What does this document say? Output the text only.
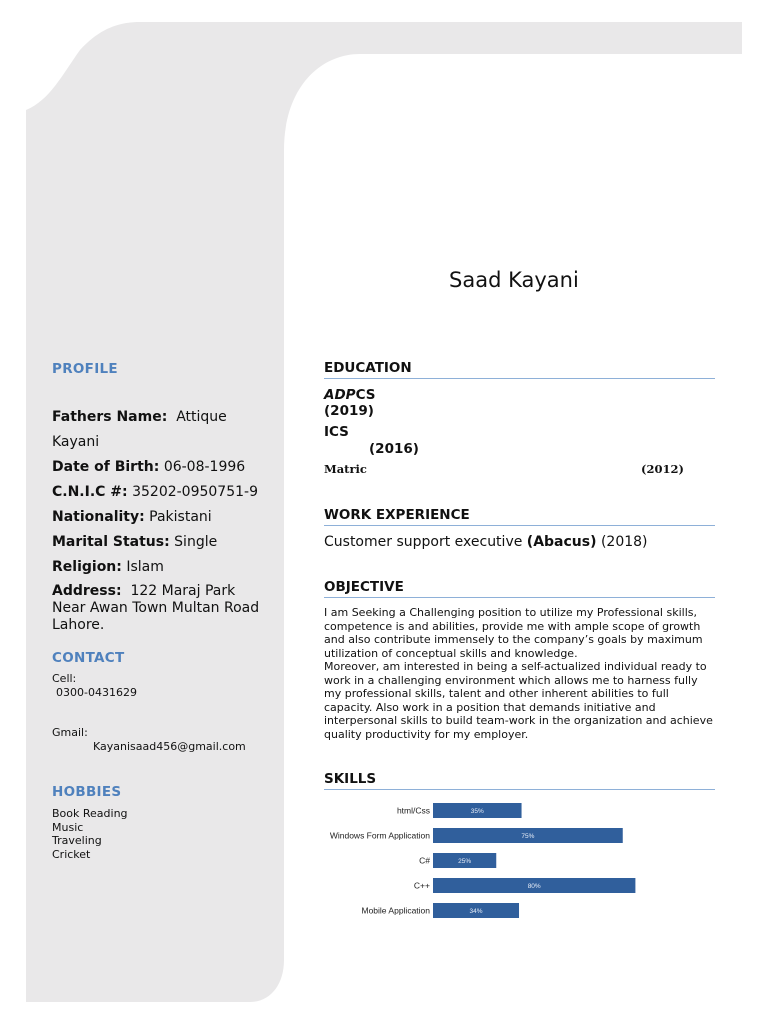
Saad Kayani
PROFILE
Fathers Name: Attique
Kayani
Date of Birth: 06-08-1996
C.N.I.C #: 35202-0950751-9
Nationality: Pakistani
Marital Status: Single
Religion: Islam
Address: 122 Maraj Park
Near Awan Town Multan Road
Lahore.
CONTACT
Cell:
0300-0431629
Gmail:
Kayanisaad456@gmail.com
HOBBIES
Book Reading
Music
Traveling
Cricket
EDUCATION
ADPCS
(2019)
ICS
(2016)
Matric	(2012)
WORK EXPERIENCE
Customer support executive (Abacus) (2018)
OBJECTIVE

I am Seeking a Challenging position to utilize my Professional skills, competence is and abilities, provide me with ample scope of growth and also contribute immensely to the company’s goals by maximum utilization of conceptual skills and knowledge.

Moreover, am interested in being a self-actualized individual ready to work in a challenging environment which allows me to harness fully my professional skills, talent and other inherent abilities to full capacity. Also work in a position that demands initiative and interpersonal skills to build team-work in the organization and achieve quality productivity for my employer.

SKILLS
html/Css	35%
Windows Form Application	75%
C#	25%
C++	80%
Mobile Application	34%
